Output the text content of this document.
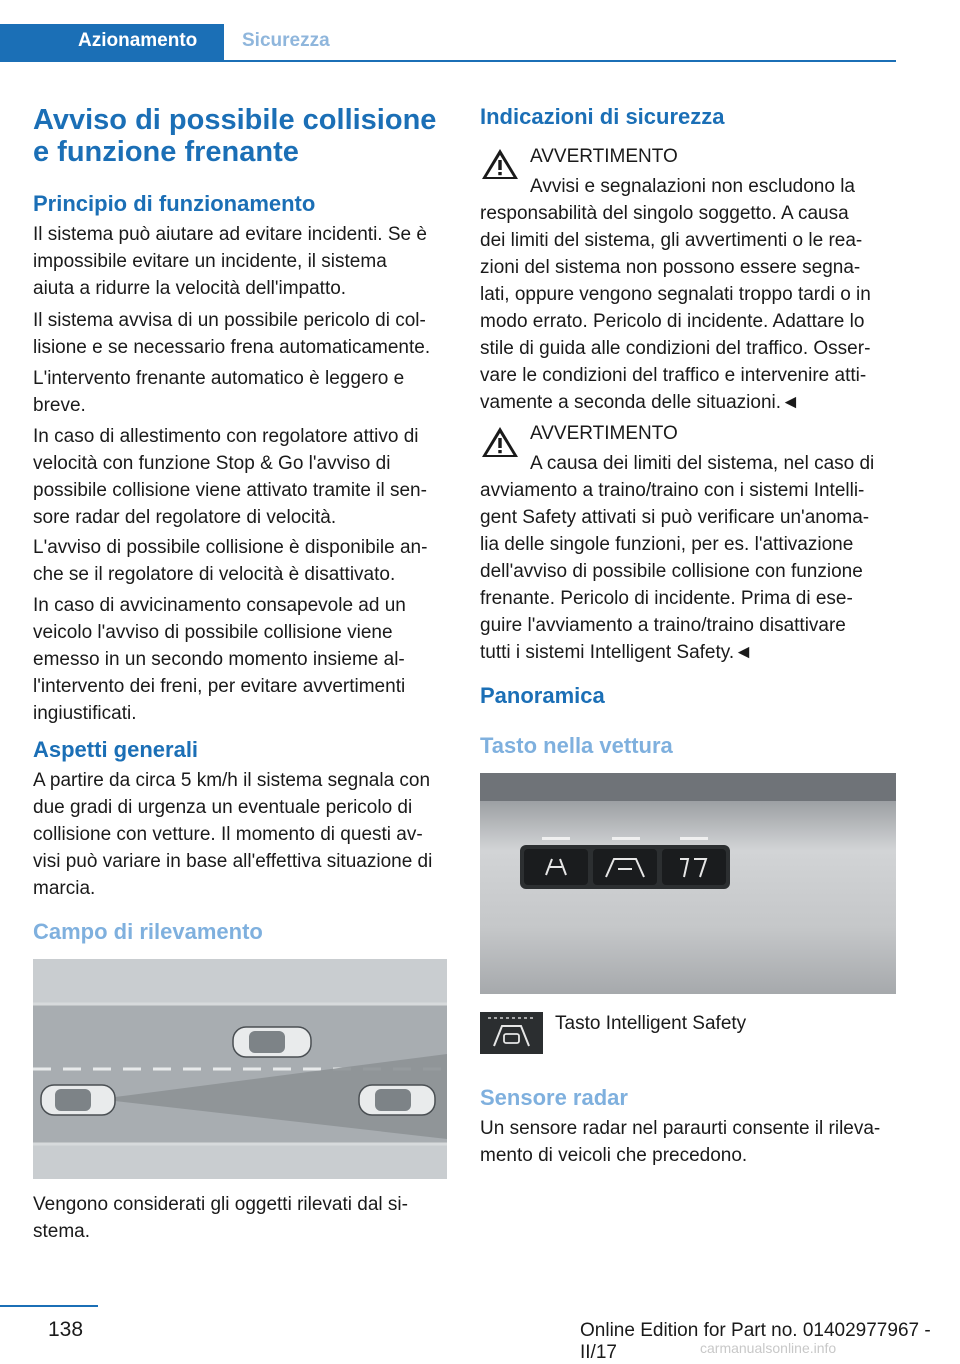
Azionamento Sicurezza
Avviso di possibile collisione
e funzione frenante
Principio di funzionamento

Il sistema può aiutare ad evitare incidenti. Se è

impossibile evitare un incidente, il sistema

aiuta a ridurre la velocità dell'impatto.

Il sistema avvisa di un possibile pericolo di col‐

lisione e se necessario frena automaticamente.

L'intervento frenante automatico è leggero e

breve.

In caso di allestimento con regolatore attivo di

velocità con funzione Stop & Go l'avviso di

possibile collisione viene attivato tramite il sen‐

sore radar del regolatore di velocità.

L'avviso di possibile collisione è disponibile an‐

che se il regolatore di velocità è disattivato.

In caso di avvicinamento consapevole ad un

veicolo l'avviso di possibile collisione viene

emesso in un secondo momento insieme al‐

l'intervento dei freni, per evitare avvertimenti

ingiustificati.

Aspetti generali

A partire da circa 5 km/h il sistema segnala con

due gradi di urgenza un eventuale pericolo di

collisione con vetture. Il momento di questi av‐

visi può variare in base all'effettiva situazione di

marcia.

Campo di rilevamento

Vengono considerati gli oggetti rilevati dal si‐

stema.

Indicazioni di sicurezza

AVVERTIMENTO

Avvisi e segnalazioni non escludono la

responsabilità del singolo soggetto. A causa

dei limiti del sistema, gli avvertimenti o le rea‐

zioni del sistema non possono essere segna‐

lati, oppure vengono segnalati troppo tardi o in

modo errato. Pericolo di incidente. Adattare lo

stile di guida alle condizioni del traffico. Osser‐

vare le condizioni del traffico e intervenire atti‐

vamente a seconda delle situazioni.◄

AVVERTIMENTO

A causa dei limiti del sistema, nel caso di

avviamento a traino/traino con i sistemi Intelli‐

gent Safety attivati si può verificare un'anoma‐

lia delle singole funzioni, per es. l'attivazione

dell'avviso di possibile collisione con funzione

frenante. Pericolo di incidente. Prima di ese‐

guire l'avviamento a traino/traino disattivare

tutti i sistemi Intelligent Safety.◄

Panoramica
Tasto nella vettura

Tasto Intelligent Safety

Sensore radar

Un sensore radar nel paraurti consente il rileva‐

mento di veicoli che precedono.

138	Online Edition for Part no. 01402977967 - II/17	carmanualsonline.info
